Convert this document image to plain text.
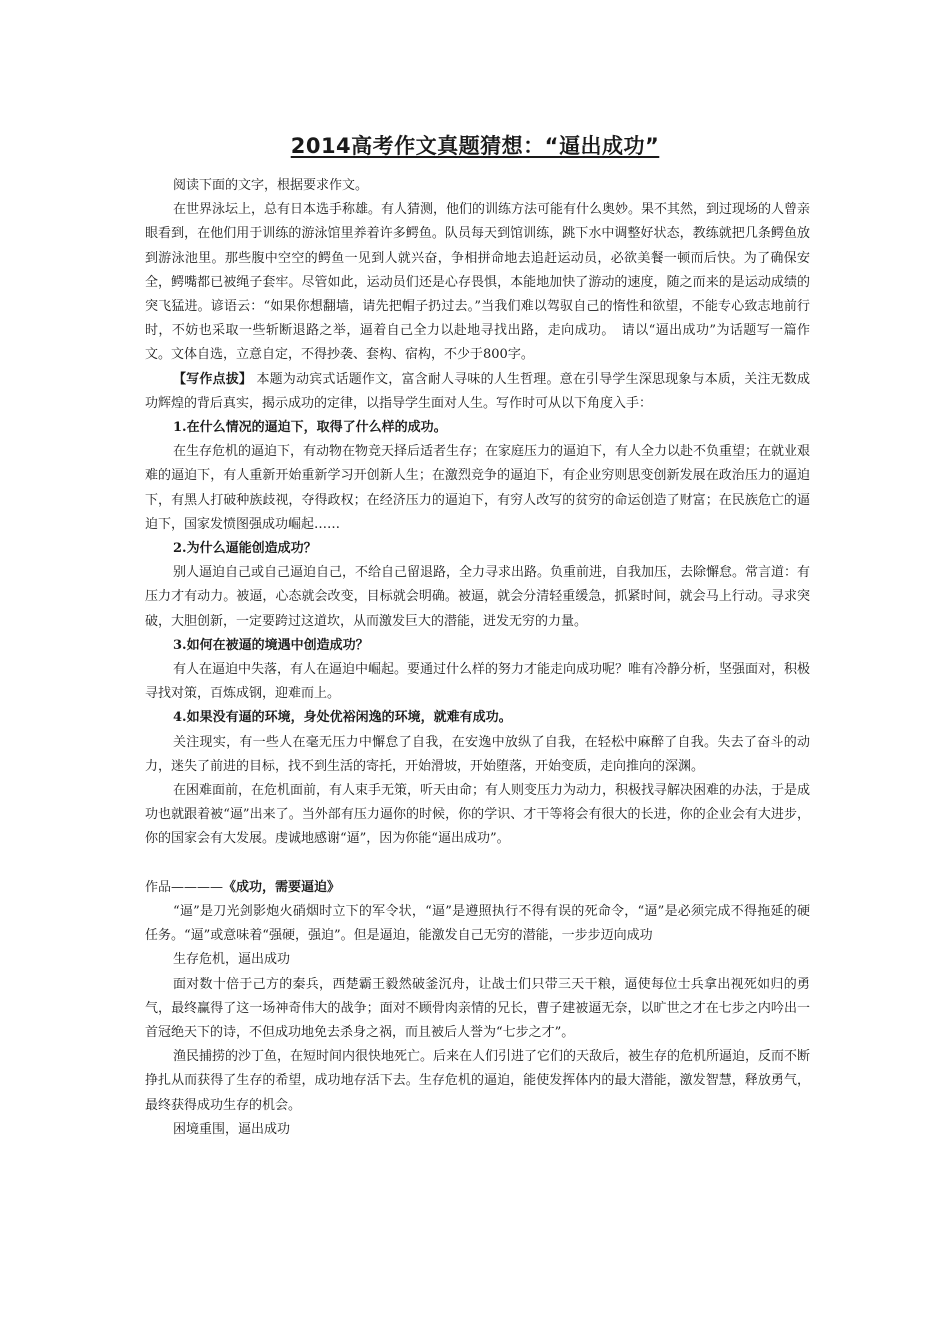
2014高考作文真题猜想：“逼出成功”

阅读下面的文字，根据要求作文。

在世界泳坛上，总有日本选手称雄。有人猜测，他们的训练方法可能有什么奥妙。果不其然，到过现场的人曾亲眼看到，在他们用于训练的游泳馆里养着许多鳄鱼。队员每天到馆训练，跳下水中调整好状态，教练就把几条鳄鱼放到游泳池里。那些腹中空空的鳄鱼一见到人就兴奋，争相拼命地去追赶运动员，必欲美餐一顿而后快。为了确保安全，鳄嘴都已被绳子套牢。尽管如此，运动员们还是心存畏惧，本能地加快了游动的速度，随之而来的是运动成绩的突飞猛进。谚语云：“如果你想翻墙，请先把帽子扔过去。”当我们难以驾驭自己的惰性和欲望，不能专心致志地前行时，不妨也采取一些斩断退路之举，逼着自己全力以赴地寻找出路，走向成功。　请以“逼出成功”为话题写一篇作文。文体自选，立意自定，不得抄袭、套构、宿构，不少于800字。

【写作点拔】 本题为动宾式话题作文，富含耐人寻味的人生哲理。意在引导学生深思现象与本质，关注无数成功辉煌的背后真实，揭示成功的定律，以指导学生面对人生。写作时可从以下角度入手：

1.在什么情况的逼迫下，取得了什么样的成功。

在生存危机的逼迫下，有动物在物竞天择后适者生存；在家庭压力的逼迫下，有人全力以赴不负重望；在就业艰难的逼迫下，有人重新开始重新学习开创新人生；在激烈竞争的逼迫下，有企业穷则思变创新发展在政治压力的逼迫下，有黑人打破种族歧视，夺得政权；在经济压力的逼迫下，有穷人改写的贫穷的命运创造了财富；在民族危亡的逼迫下，国家发愤图强成功崛起……

2.为什么逼能创造成功？

别人逼迫自己或自己逼迫自己，不给自己留退路，全力寻求出路。负重前进，自我加压，去除懈怠。常言道：有压力才有动力。被逼，心态就会改变，目标就会明确。被逼，就会分清轻重缓急，抓紧时间，就会马上行动。寻求突破，大胆创新，一定要跨过这道坎，从而激发巨大的潜能，迸发无穷的力量。

3.如何在被逼的境遇中创造成功？

有人在逼迫中失落，有人在逼迫中崛起。要通过什么样的努力才能走向成功呢？唯有冷静分析，坚强面对，积极寻找对策，百炼成钢，迎难而上。

4.如果没有逼的环境，身处优裕闲逸的环境，就难有成功。

关注现实，有一些人在毫无压力中懈怠了自我，在安逸中放纵了自我，在轻松中麻醉了自我。失去了奋斗的动力，迷失了前进的目标，找不到生活的寄托，开始滑坡，开始堕落，开始变质，走向推向的深渊。

在困难面前，在危机面前，有人束手无策，听天由命；有人则变压力为动力，积极找寻解决困难的办法，于是成功也就跟着被“逼”出来了。当外部有压力逼你的时候，你的学识、才干等将会有很大的长进，你的企业会有大进步，你的国家会有大发展。虔诚地感谢“逼”，因为你能“逼出成功”。

作品————《成功，需要逼迫》

“逼”是刀光剑影炮火硝烟时立下的军令状，“逼”是遵照执行不得有误的死命令，“逼”是必须完成不得拖延的硬任务。“逼”或意味着“强硬，强迫”。但是逼迫，能激发自己无穷的潜能，一步步迈向成功

生存危机，逼出成功

面对数十倍于己方的秦兵，西楚霸王毅然破釜沉舟，让战士们只带三天干粮，逼使每位士兵拿出视死如归的勇气，最终赢得了这一场神奇伟大的战争；面对不顾骨肉亲情的兄长，曹子建被逼无奈，以旷世之才在七步之内吟出一首冠绝天下的诗，不但成功地免去杀身之祸，而且被后人誉为“七步之才”。

渔民捕捞的沙丁鱼，在短时间内很快地死亡。后来在人们引进了它们的天敌后，被生存的危机所逼迫，反而不断挣扎从而获得了生存的希望，成功地存活下去。生存危机的逼迫，能使发挥体内的最大潜能，激发智慧，释放勇气，最终获得成功生存的机会。

困境重围，逼出成功
